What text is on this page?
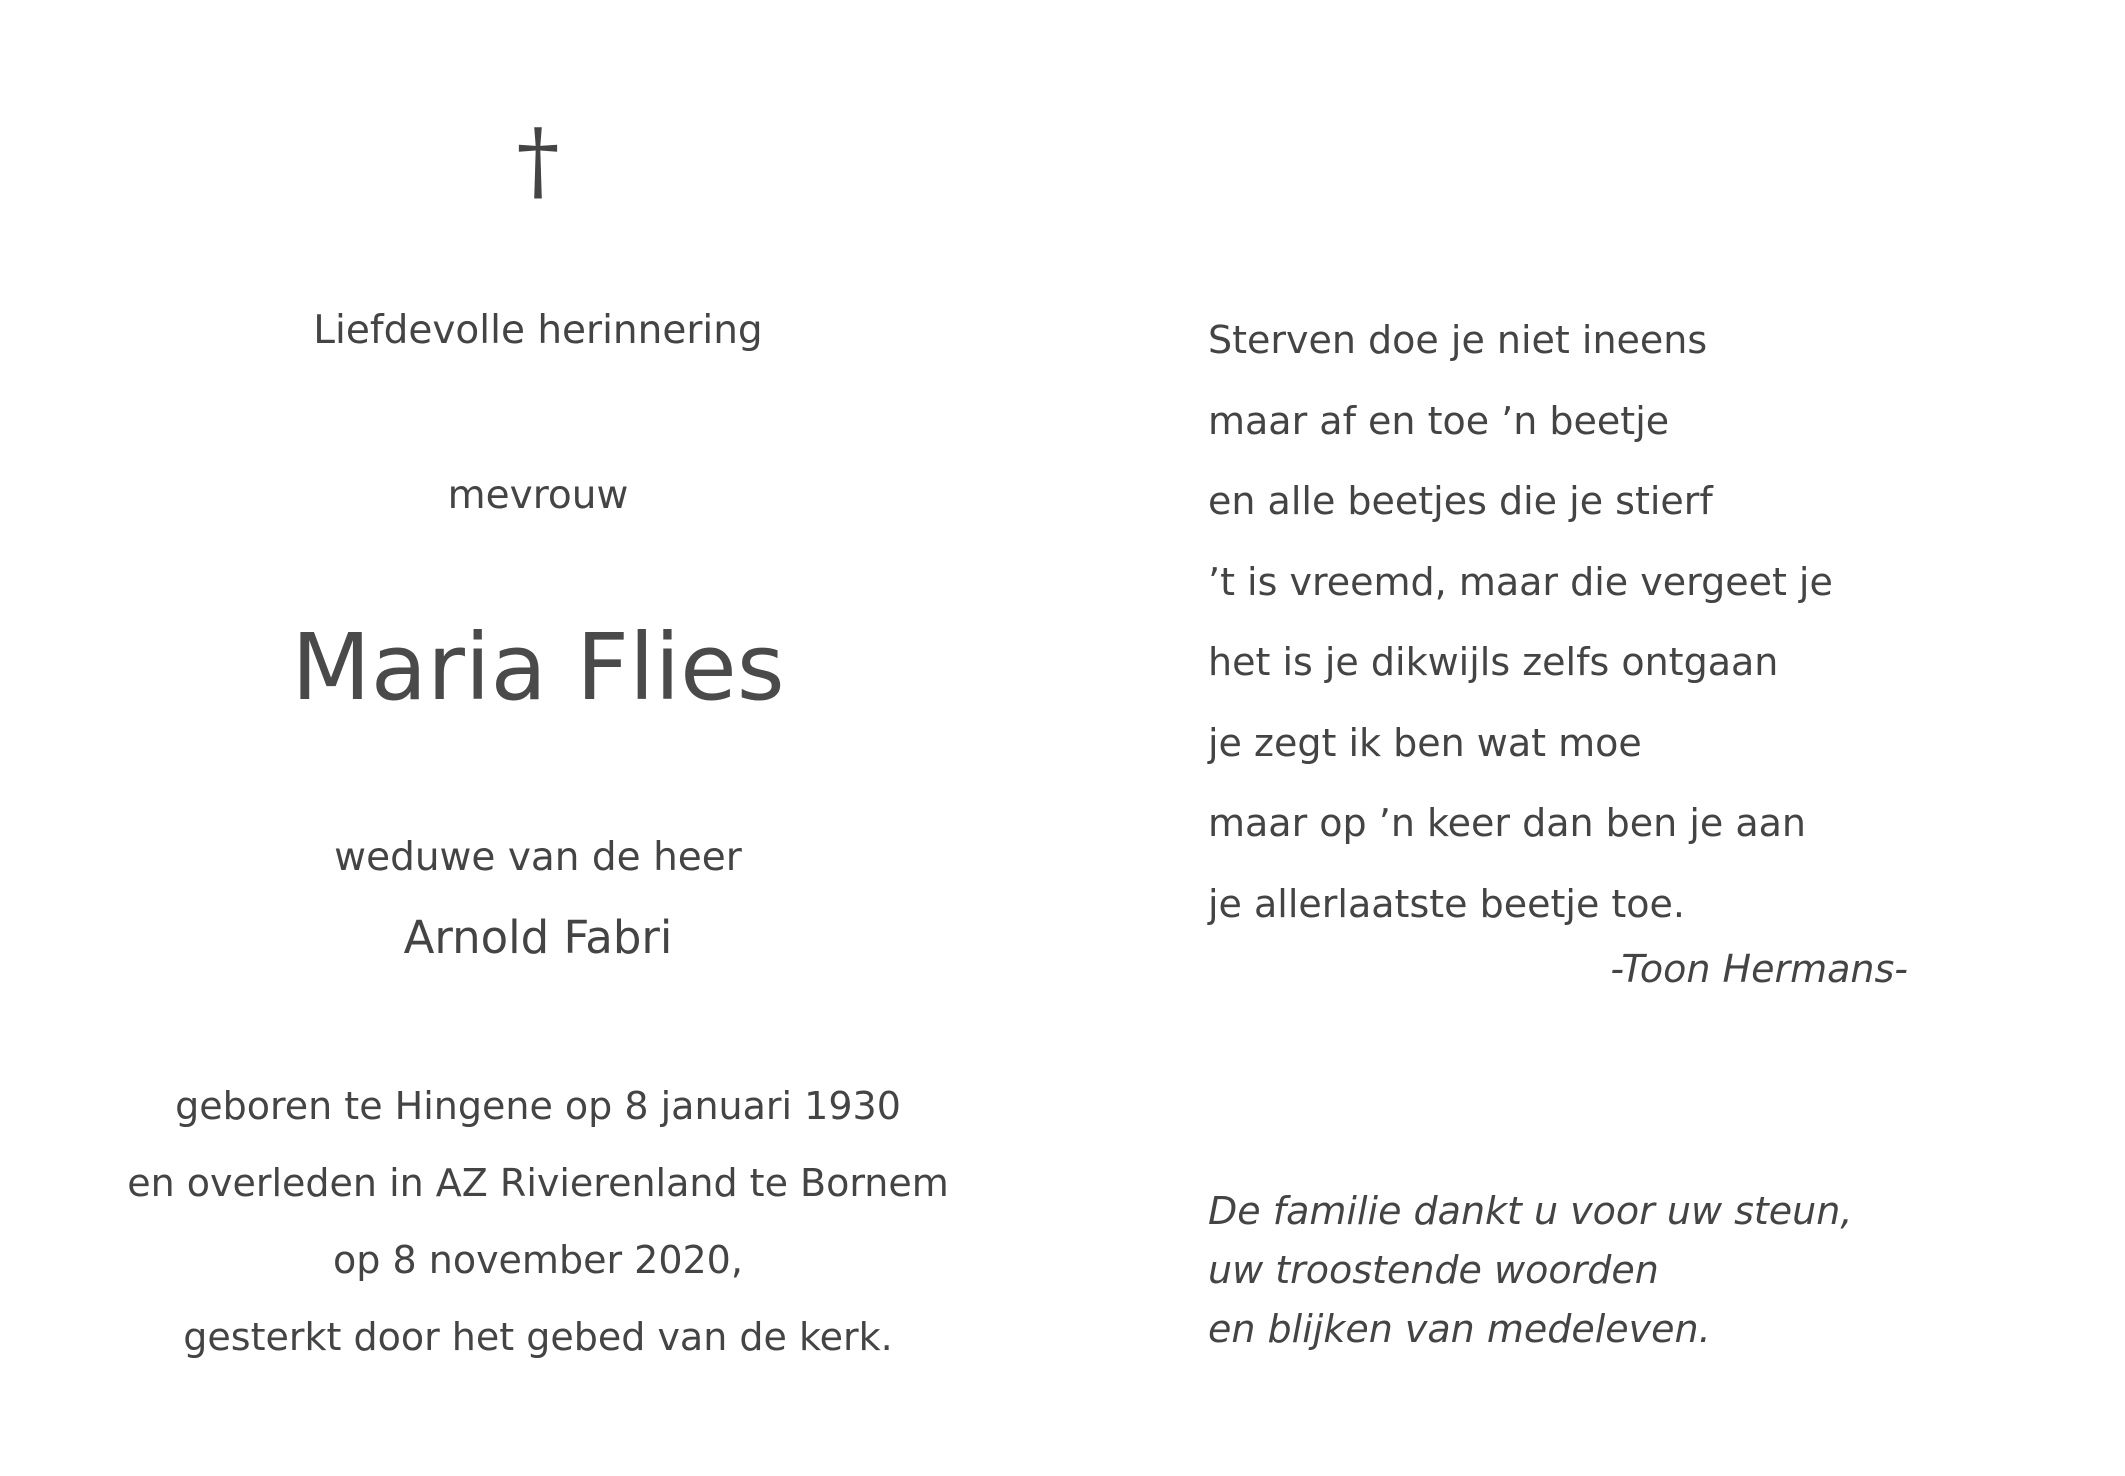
†

Liefdevolle herinnering

mevrouw

Maria Flies

weduwe van de heer

Arnold Fabri

geboren te Hingene op 8 januari 1930
en overleden in AZ Rivierenland te Bornem
op 8 november 2020,
gesterkt door het gebed van de kerk.
Sterven doe je niet ineens
maar af en toe ’n beetje
en alle beetjes die je stierf
’t is vreemd, maar die vergeet je
het is je dikwijls zelfs ontgaan
je zegt ik ben wat moe
maar op ’n keer dan ben je aan
je allerlaatste beetje toe.
-Toon Hermans-
De familie dankt u voor uw steun,
uw troostende woorden
en blijken van medeleven.
